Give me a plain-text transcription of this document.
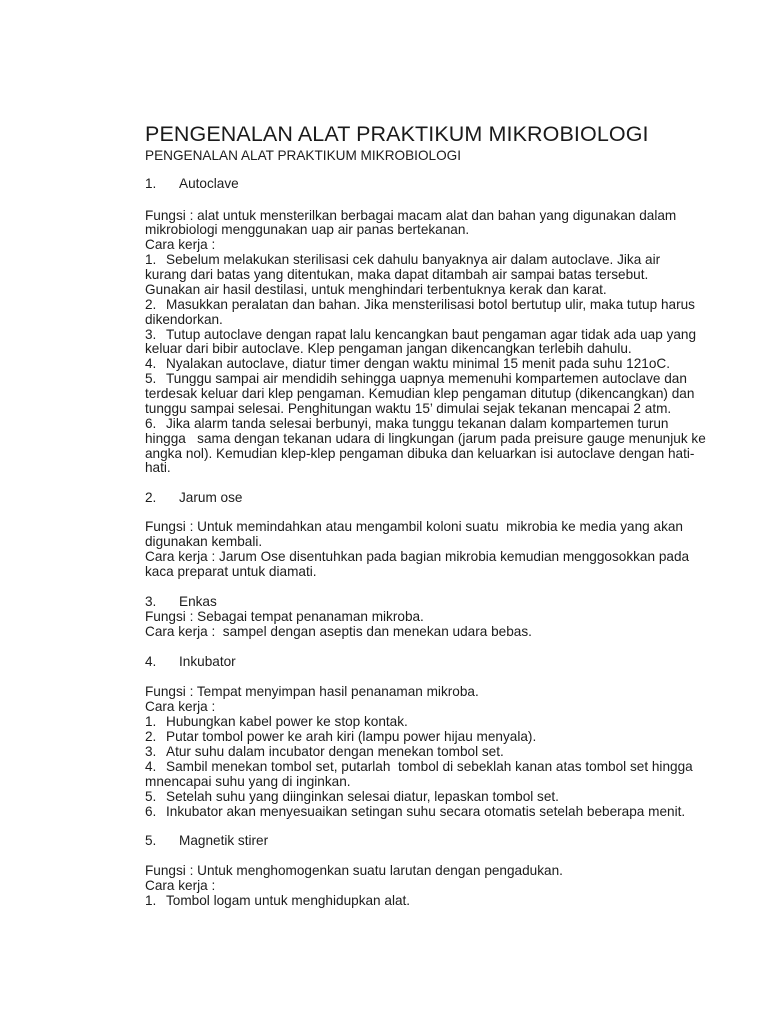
PENGENALAN ALAT PRAKTIKUM MIKROBIOLOGI
PENGENALAN ALAT PRAKTIKUM MIKROBIOLOGI
1. Autoclave
Fungsi : alat untuk mensterilkan berbagai macam alat dan bahan yang digunakan dalam
mikrobiologi menggunakan uap air panas bertekanan.
Cara kerja :
1. Sebelum melakukan sterilisasi cek dahulu banyaknya air dalam autoclave. Jika air
kurang dari batas yang ditentukan, maka dapat ditambah air sampai batas tersebut.
Gunakan air hasil destilasi, untuk menghindari terbentuknya kerak dan karat.
2. Masukkan peralatan dan bahan. Jika mensterilisasi botol bertutup ulir, maka tutup harus
dikendorkan.
3. Tutup autoclave dengan rapat lalu kencangkan baut pengaman agar tidak ada uap yang
keluar dari bibir autoclave. Klep pengaman jangan dikencangkan terlebih dahulu.
4. Nyalakan autoclave, diatur timer dengan waktu minimal 15 menit pada suhu 121oC.
5. Tunggu sampai air mendidih sehingga uapnya memenuhi kompartemen autoclave dan
terdesak keluar dari klep pengaman. Kemudian klep pengaman ditutup (dikencangkan) dan
tunggu sampai selesai. Penghitungan waktu 15’ dimulai sejak tekanan mencapai 2 atm.
6. Jika alarm tanda selesai berbunyi, maka tunggu tekanan dalam kompartemen turun
hingga   sama dengan tekanan udara di lingkungan (jarum pada preisure gauge menunjuk ke
angka nol). Kemudian klep-klep pengaman dibuka dan keluarkan isi autoclave dengan hati-
hati.
2. Jarum ose
Fungsi : Untuk memindahkan atau mengambil koloni suatu  mikrobia ke media yang akan
digunakan kembali.
Cara kerja : Jarum Ose disentuhkan pada bagian mikrobia kemudian menggosokkan pada
kaca preparat untuk diamati.
3. Enkas
Fungsi : Sebagai tempat penanaman mikroba.
Cara kerja :  sampel dengan aseptis dan menekan udara bebas.
4. Inkubator
Fungsi : Tempat menyimpan hasil penanaman mikroba.
Cara kerja :
1. Hubungkan kabel power ke stop kontak.
2. Putar tombol power ke arah kiri (lampu power hijau menyala).
3. Atur suhu dalam incubator dengan menekan tombol set.
4. Sambil menekan tombol set, putarlah  tombol di sebeklah kanan atas tombol set hingga
mnencapai suhu yang di inginkan.
5. Setelah suhu yang diinginkan selesai diatur, lepaskan tombol set.
6. Inkubator akan menyesuaikan setingan suhu secara otomatis setelah beberapa menit.
5. Magnetik stirer
Fungsi : Untuk menghomogenkan suatu larutan dengan pengadukan.
Cara kerja :
1. Tombol logam untuk menghidupkan alat.
